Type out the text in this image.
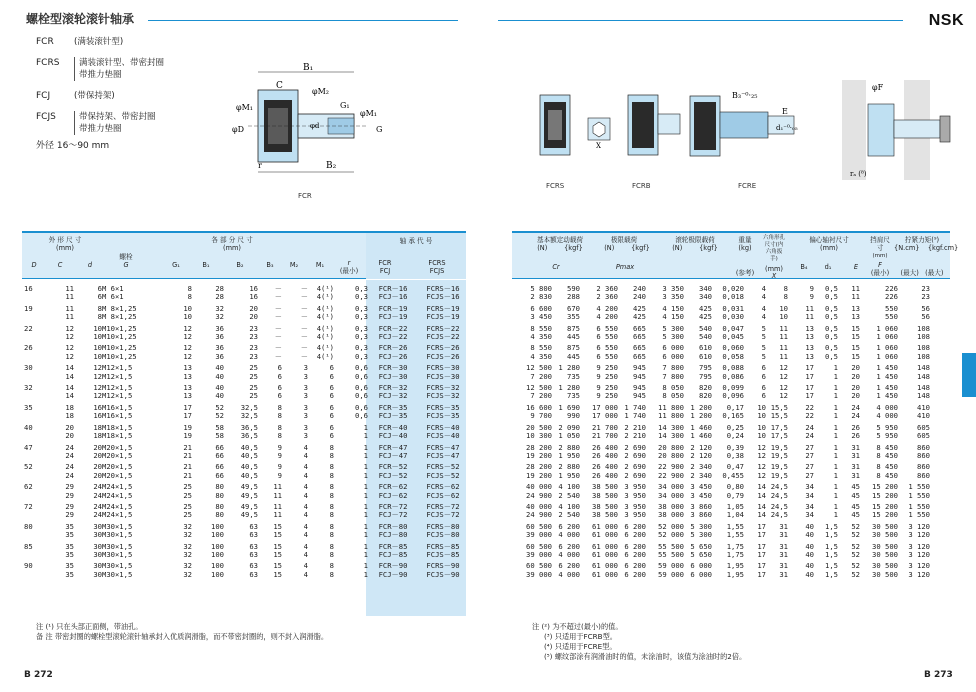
螺栓型滚轮滚针轴承	NSK
FCR	(满装滚针型)
FCRS	满装滚针型、带密封圈
带推力垫圈
FCJ	(带保持架)
FCJS	带保持架、带密封圈
带推力垫圈
外径 16～90 mm
B₁
C
φM₂
G₁
φM₁
φM₁
φD	φd	G
r	B₂
FCR
FCRS
X
FCRB
B₃⁻⁰·₂₅
E
d₁⁻⁰·₀₅
FCRE
φF
rₐ (⁸)
外 形 尺 寸
(mm)
各 部 分 尺 寸
(mm)
轴 承 代 号
D	C	d
螺栓
G	G₁	B₁	B₂	B₃	M₂	M₁	r
(最小)
FCR
FCJ
FCRS
FCJS
16	11	6	M 6×1	8	28	16	－	－	4(¹)	0,3	FCR－16	FCRS－16
	11	6	M 6×1	8	28	16	－	－	4(¹)	0,3	FCJ－16	FCJS－16
19	11	8	M 8×1,25	10	32	20	－	－	4(¹)	0,3	FCR－19	FCRS－19
	11	8	M 8×1,25	10	32	20	－	－	4(¹)	0,3	FCJ－19	FCJS－19
22	12	10	M10×1,25	12	36	23	－	－	4(¹)	0,3	FCR－22	FCRS－22
	12	10	M10×1,25	12	36	23	－	－	4(¹)	0,3	FCJ－22	FCJS－22
26	12	10	M10×1,25	12	36	23	－	－	4(¹)	0,3	FCR－26	FCRS－26
	12	10	M10×1,25	12	36	23	－	－	4(¹)	0,3	FCJ－26	FCJS－26
30	14	12	M12×1,5	13	40	25	6	3	6	0,6	FCR－30	FCRS－30
	14	12	M12×1,5	13	40	25	6	3	6	0,6	FCJ－30	FCJS－30
32	14	12	M12×1,5	13	40	25	6	3	6	0,6	FCR－32	FCRS－32
	14	12	M12×1,5	13	40	25	6	3	6	0,6	FCJ－32	FCJS－32
35	18	16	M16×1,5	17	52	32,5	8	3	6	0,6	FCR－35	FCRS－35
	18	16	M16×1,5	17	52	32,5	8	3	6	0,6	FCJ－35	FCJS－35
40	20	18	M18×1,5	19	58	36,5	8	3	6	1	FCR－40	FCRS－40
	20	18	M18×1,5	19	58	36,5	8	3	6	1	FCJ－40	FCJS－40
47	24	20	M20×1,5	21	66	40,5	9	4	8	1	FCR－47	FCRS－47
	24	20	M20×1,5	21	66	40,5	9	4	8	1	FCJ－47	FCJS－47
52	24	20	M20×1,5	21	66	40,5	9	4	8	1	FCR－52	FCRS－52
	24	20	M20×1,5	21	66	40,5	9	4	8	1	FCJ－52	FCJS－52
62	29	24	M24×1,5	25	80	49,5	11	4	8	1	FCR－62	FCRS－62
	29	24	M24×1,5	25	80	49,5	11	4	8	1	FCJ－62	FCJS－62
72	29	24	M24×1,5	25	80	49,5	11	4	8	1	FCR－72	FCRS－72
	29	24	M24×1,5	25	80	49,5	11	4	8	1	FCJ－72	FCJS－72
80	35	30	M30×1,5	32	100	63	15	4	8	1	FCR－80	FCRS－80
	35	30	M30×1,5	32	100	63	15	4	8	1	FCJ－80	FCJS－80
85	35	30	M30×1,5	32	100	63	15	4	8	1	FCR－85	FCRS－85
	35	30	M30×1,5	32	100	63	15	4	8	1	FCJ－85	FCJS－85
90	35	30	M30×1,5	32	100	63	15	4	8	1	FCR－90	FCRS－90
	35	30	M30×1,5	32	100	63	15	4	8	1	FCJ－90	FCJS－90
基本额定动载荷
(N)        {kgf}
Cr
极限载荷
(N)        {kgf}
Pmax
滚轮极限载荷
(N)        {kgf}
重量
(kg)
(参考)
六角形孔尺寸(内六角扳手)
(mm)
X
偏心轴衬尺寸
(mm)
B₄	d₁	E
挡肩尺寸
(mm)
F
(最小)
拧紧力矩(⁹)
{N.cm}    {kgf.cm}
(最大)   (最大)
5 800	590	2 360	240	3 350	340	0,020	4	8	9	0,5	11	226	23
2 830	288	2 360	240	3 350	340	0,018	4	8	9	0,5	11	226	23
6 600	670	4 200	425	4 150	425	0,031	4	10	11	0,5	13	550	56
3 450	355	4 200	425	4 150	425	0,030	4	10	11	0,5	13	550	56
8 550	875	6 550	665	5 300	540	0,047	5	11	13	0,5	15	1 060	108
4 350	445	6 550	665	5 300	540	0,045	5	11	13	0,5	15	1 060	108
8 550	875	6 550	665	6 000	610	0,060	5	11	13	0,5	15	1 060	108
4 350	445	6 550	665	6 000	610	0,058	5	11	13	0,5	15	1 060	108
12 500	1 280	9 250	945	7 800	795	0,088	6	12	17	1	20	1 450	148
7 200	735	9 250	945	7 800	795	0,086	6	12	17	1	20	1 450	148
12 500	1 280	9 250	945	8 050	820	0,099	6	12	17	1	20	1 450	148
7 200	735	9 250	945	8 050	820	0,096	6	12	17	1	20	1 450	148
16 600	1 690	17 000	1 740	11 800	1 200	0,17	10	15,5	22	1	24	4 000	410
9 700	990	17 000	1 740	11 800	1 200	0,165	10	15,5	22	1	24	4 000	410
20 500	2 090	21 700	2 210	14 300	1 460	0,25	10	17,5	24	1	26	5 950	605
10 300	1 050	21 700	2 210	14 300	1 460	0,24	10	17,5	24	1	26	5 950	605
28 200	2 880	26 400	2 690	20 800	2 120	0,39	12	19,5	27	1	31	8 450	860
19 200	1 950	26 400	2 690	20 800	2 120	0,38	12	19,5	27	1	31	8 450	860
28 200	2 880	26 400	2 690	22 900	2 340	0,47	12	19,5	27	1	31	8 450	860
19 200	1 950	26 400	2 690	22 900	2 340	0,455	12	19,5	27	1	31	8 450	860
40 000	4 100	38 500	3 950	34 000	3 450	0,80	14	24,5	34	1	45	15 200	1 550
24 900	2 540	38 500	3 950	34 000	3 450	0,79	14	24,5	34	1	45	15 200	1 550
40 000	4 100	38 500	3 950	38 000	3 860	1,05	14	24,5	34	1	45	15 200	1 550
24 900	2 540	38 500	3 950	38 000	3 860	1,04	14	24,5	34	1	45	15 200	1 550
60 500	6 200	61 000	6 200	52 000	5 300	1,55	17	31	40	1,5	52	30 500	3 120
39 000	4 000	61 000	6 200	52 000	5 300	1,55	17	31	40	1,5	52	30 500	3 120
60 500	6 200	61 000	6 200	55 500	5 650	1,75	17	31	40	1,5	52	30 500	3 120
39 000	4 000	61 000	6 200	55 500	5 650	1,75	17	31	40	1,5	52	30 500	3 120
60 500	6 200	61 000	6 200	59 000	6 000	1,95	17	31	40	1,5	52	30 500	3 120
39 000	4 000	61 000	6 200	59 000	6 000	1,95	17	31	40	1,5	52	30 500	3 120
注 (¹) 只在头部正面侧，带油孔。
备 注 带密封圈的螺栓型滚轮滚针轴承封入优质润滑脂，而不带密封圈的，则不封入润滑脂。
注 (²) 为不超过(最小)的值。
(³) 只适用于FCRB型。
(⁴) 只适用于FCRE型。
(⁵) 螺纹部涂有润滑油时的值，未涂油时，该值为涂油时的2倍。
B 272	B 273
